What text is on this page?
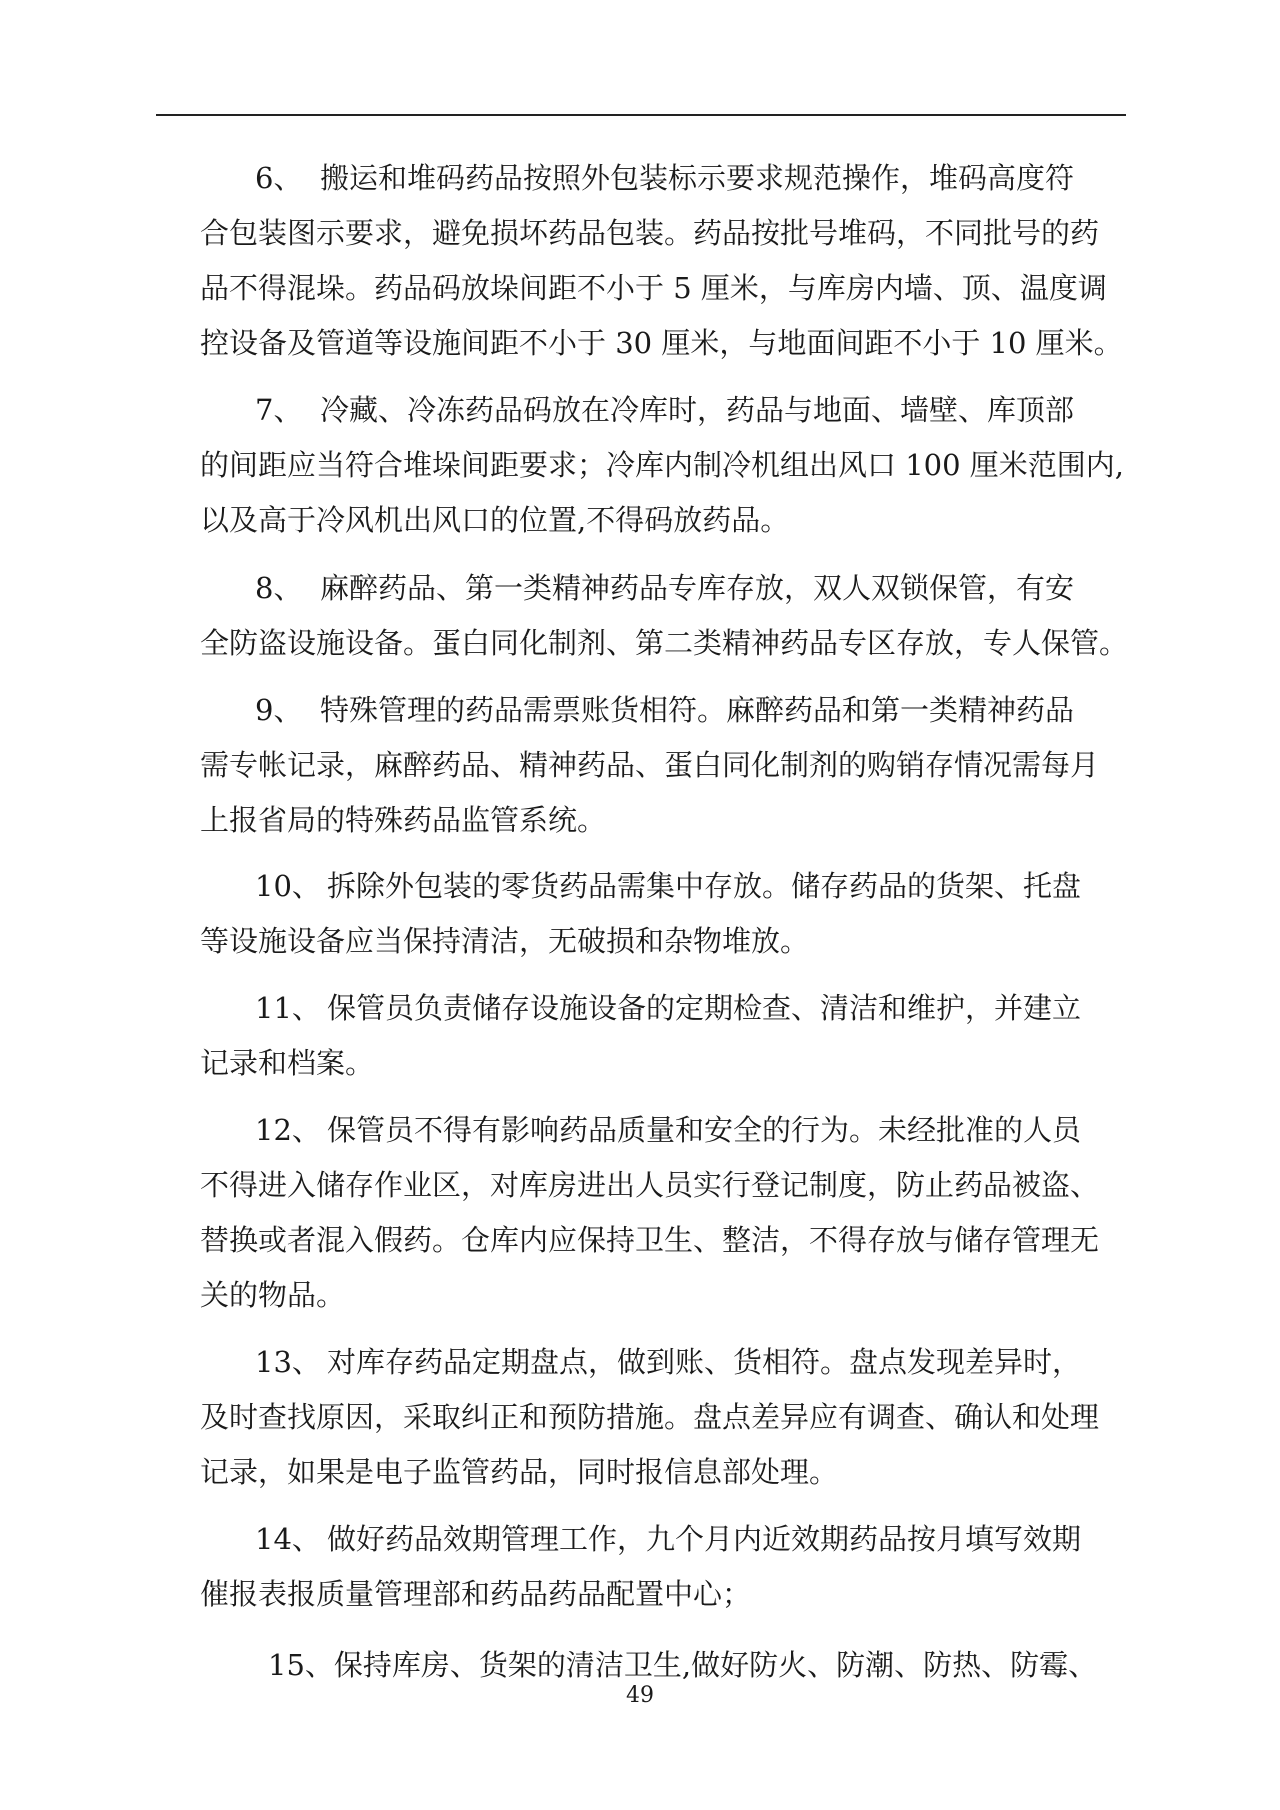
6、 搬运和堆码药品按照外包装标示要求规范操作，堆码高度符
合包装图示要求，避免损坏药品包装。药品按批号堆码，不同批号的药
品不得混垛。药品码放垛间距不小于 5 厘米，与库房内墙、顶、温度调
控设备及管道等设施间距不小于 30 厘米，与地面间距不小于 10 厘米。
7、 冷藏、冷冻药品码放在冷库时，药品与地面、墙壁、库顶部
的间距应当符合堆垛间距要求；冷库内制冷机组出风口 100 厘米范围内,
以及高于冷风机出风口的位置,不得码放药品。
8、 麻醉药品、第一类精神药品专库存放，双人双锁保管，有安
全防盗设施设备。蛋白同化制剂、第二类精神药品专区存放，专人保管。
9、 特殊管理的药品需票账货相符。麻醉药品和第一类精神药品
需专帐记录，麻醉药品、精神药品、蛋白同化制剂的购销存情况需每月
上报省局的特殊药品监管系统。
10、 拆除外包装的零货药品需集中存放。储存药品的货架、托盘
等设施设备应当保持清洁，无破损和杂物堆放。
11、 保管员负责储存设施设备的定期检查、清洁和维护，并建立
记录和档案。
12、 保管员不得有影响药品质量和安全的行为。未经批准的人员
不得进入储存作业区，对库房进出人员实行登记制度，防止药品被盗、
替换或者混入假药。仓库内应保持卫生、整洁，不得存放与储存管理无
关的物品。
13、 对库存药品定期盘点，做到账、货相符。盘点发现差异时，
及时查找原因，采取纠正和预防措施。盘点差异应有调查、确认和处理
记录，如果是电子监管药品，同时报信息部处理。
14、 做好药品效期管理工作，九个月内近效期药品按月填写效期
催报表报质量管理部和药品药品配置中心；
15、保持库房、货架的清洁卫生,做好防火、防潮、防热、防霉、
49
